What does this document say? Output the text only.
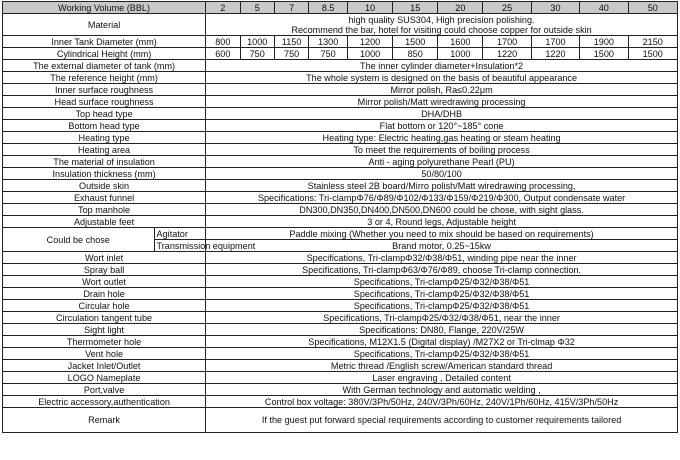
Working Volume (BBL)		2	5	7	8.5	10	15	20	25	30	40	50
Material		high quality SUS304, High precision polishing.
Recommend the bar, hotel for visiting could choose copper for outside skin										
Inner Tank Diameter (mm)		800	1000	1150	1300	1200	1500	1600	1700	1700	1900	2150
Cylindrical Height (mm)		600	750	750	750	1000	850	1000	1220	1220	1500	1500
The external diameter of tank (mm)		The inner cylinder diameter+Insulation*2										
The reference height (mm)		The whole system is designed on the basis of beautiful appearance										
Inner surface roughness		Mirror polish, Ra≤0.22μm										
Head surface roughness		Mirror polish/Matt wiredrawing processing										
Top head type		DHA/DHB										
Bottom head type		Flat bottom or 120°~185° cone										
Heating type		Heating type: Electric heating,gas heating or steam heating										
Heating area		To meet the requirements of boiling process										
The material of insulation		Anti - aging polyurethane Pearl (PU)										
Insulation thickness (mm)		50/80/100										
Outside skin		Stainless steel 2B board/Mirro polish/Matt wiredrawing processing,										
Exhaust funnel		Specifications: Tri-clampΦ76/Φ89/Φ102/Φ133/Φ159/Φ219/Φ300, Output condensate water										
Top manhole		DN300,DN350,DN400,DN500,DN600 could be chose, with sight glass.										
Adjustable feet		3 or 4, Round legs, Adjustable height										
Could be chose	Agitator	Paddle mixing (Whether you need to mix should be based on requirements)										
	Transmission equipment	Brand motor, 0.25~15kw										
Wort inlet		Specifications, Tri-clampΦ32/Φ38/Φ51, winding pipe near the inner										
Spray ball		Specifications, Tri-clampΦ63/Φ76/Φ89, choose Tri-clamp connection.										
Wort outlet		Specifications, Tri-clampΦ25/Φ32/Φ38/Φ51										
Drain hole		Specifications, Tri-clampΦ25/Φ32/Φ38/Φ51										
Circular hole		Specifications, Tri-clampΦ25/Φ32/Φ38/Φ51										
Circulation tangent tube		Specifications, Tri-clampΦ25/Φ32/Φ38/Φ51, near the inner										
Sight light		Specifications: DN80, Flange, 220V/25W										
Thermometer hole		Specifications, M12X1.5 (Digital display) /M27X2 or Tri-clmap Φ32										
Vent hole		Specifications, Tri-clampΦ25/Φ32/Φ38/Φ51										
Jacket Inlet/Outlet		Metric thread /English screw/American standard thread										
LOGO Nameplate		Laser engraving , Detailed content										
Port,valve		With German technology and automatic welding ,										
Electric accessory,authentication		Control box voltage: 380V/3Ph/50Hz, 240V/3Ph/60Hz, 240V/1Ph/60Hz, 415V/3Ph/50Hz										
Remark		If the guest put forward special requirements according to customer requirements tailored										
